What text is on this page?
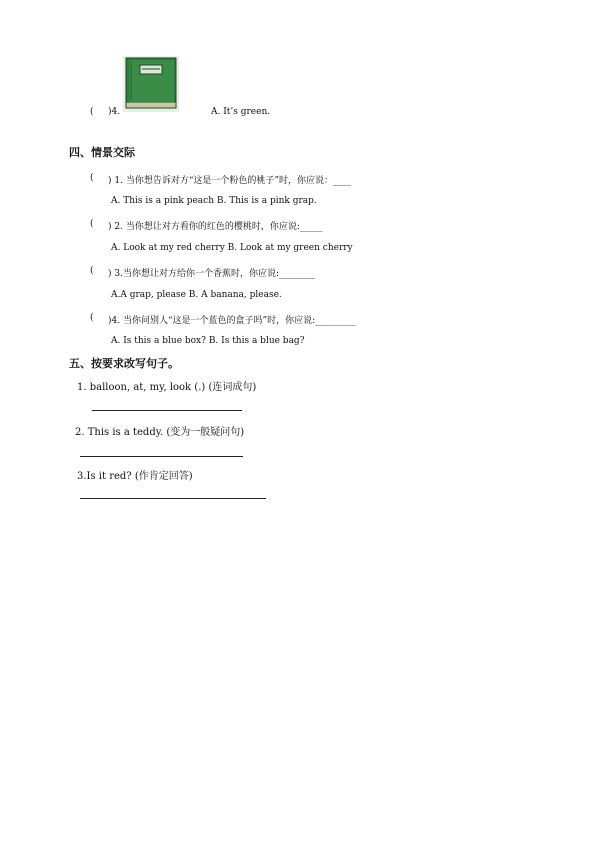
( )4.	A. It’s green.
四、情景交际
( ) 1. 当你想告诉对方“这是一个粉色的桃子”时，你应说：____
A. This is a pink peach B. This is a pink grap.
( ) 2. 当你想让对方看你的红色的樱桃时，你应说:_____
A. Look at my red cherry B. Look at my green cherry
( ) 3.当你想让对方给你一个香蕉时，你应说:________
A.A grap, please B. A banana, please.
( )4. 当你问别人“这是一个蓝色的盒子吗”时，你应说:_________
A. Is this a blue box? B. Is this a blue bag?
五、按要求改写句子。
1. balloon, at, my, look (.) (连词成句)
2. This is a teddy. (变为一般疑问句)
3.Is it red? (作肯定回答)
